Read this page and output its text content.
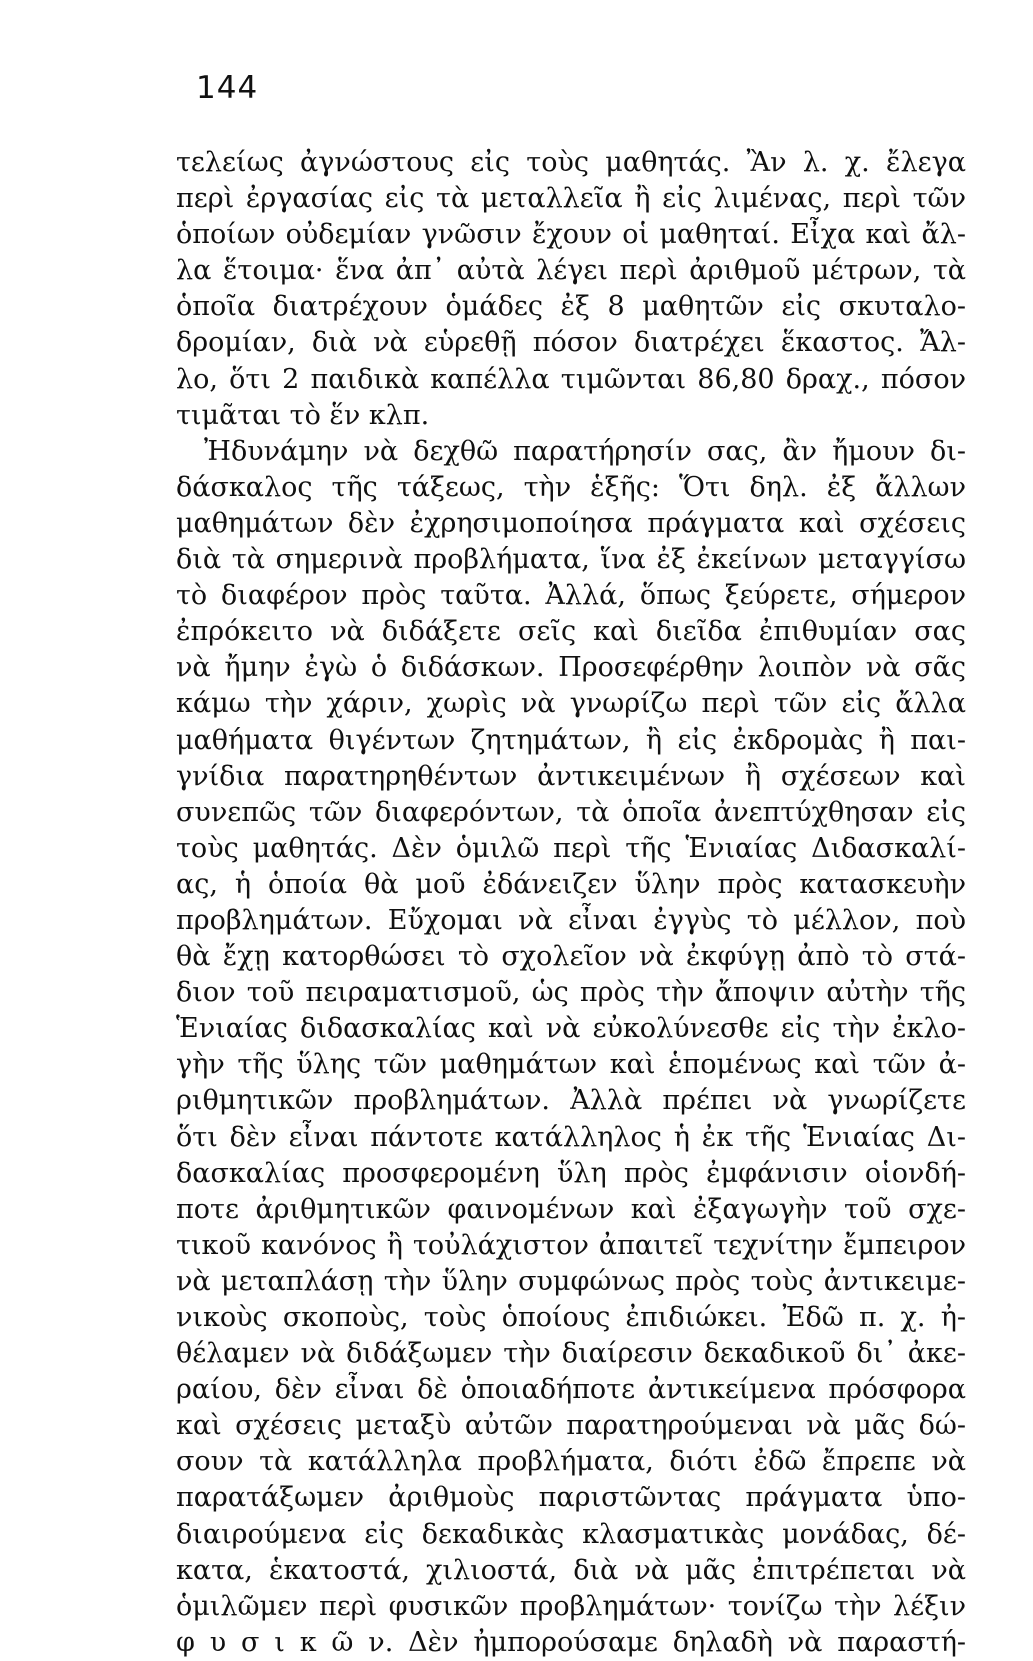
144
τελείως ἀγνώστους εἰς τοὺς μαθητάς. Ἂν λ. χ. ἔλεγα
περὶ ἐργασίας εἰς τὰ μεταλλεῖα ἢ εἰς λιμένας, περὶ τῶν
ὁποίων οὐδεμίαν γνῶσιν ἔχουν οἱ μαθηταί. Εἶχα καὶ ἄλ-
λα ἕτοιμα· ἕνα ἀπ᾽ αὐτὰ λέγει περὶ ἀριθμοῦ μέτρων, τὰ
ὁποῖα διατρέχουν ὁμάδες ἐξ 8 μαθητῶν εἰς σκυταλο-
δρομίαν, διὰ νὰ εὑρεθῇ πόσον διατρέχει ἕκαστος. Ἄλ-
λο, ὅτι 2 παιδικὰ καπέλλα τιμῶνται 86,80 δραχ., πόσον
τιμᾶται τὸ ἕν κλπ.
Ἠδυνάμην νὰ δεχθῶ παρατήρησίν σας, ἂν ἤμουν δι-
δάσκαλος τῆς τάξεως, τὴν ἑξῆς: Ὅτι δηλ. ἐξ ἄλλων
μαθημάτων δὲν ἐχρησιμοποίησα πράγματα καὶ σχέσεις
διὰ τὰ σημερινὰ προβλήματα, ἵνα ἐξ ἐκείνων μεταγγίσω
τὸ διαφέρον πρὸς ταῦτα. Ἀλλά, ὅπως ξεύρετε, σήμερον
ἐπρόκειτο νὰ διδάξετε σεῖς καὶ διεῖδα ἐπιθυμίαν σας
νὰ ἤμην ἐγὼ ὁ διδάσκων. Προσεφέρθην λοιπὸν νὰ σᾶς
κάμω τὴν χάριν, χωρὶς νὰ γνωρίζω περὶ τῶν εἰς ἄλλα
μαθήματα θιγέντων ζητημάτων, ἢ εἰς ἐκδρομὰς ἢ παι-
γνίδια παρατηρηθέντων ἀντικειμένων ἢ σχέσεων καὶ
συνεπῶς τῶν διαφερόντων, τὰ ὁποῖα ἀνεπτύχθησαν εἰς
τοὺς μαθητάς. Δὲν ὁμιλῶ περὶ τῆς Ἑνιαίας Διδασκαλί-
ας, ἡ ὁποία θὰ μοῦ ἐδάνειζεν ὕλην πρὸς κατασκευὴν
προβλημάτων. Εὔχομαι νὰ εἶναι ἐγγὺς τὸ μέλλον, ποὺ
θὰ ἔχῃ κατορθώσει τὸ σχολεῖον νὰ ἐκφύγῃ ἀπὸ τὸ στά-
διον τοῦ πειραματισμοῦ, ὡς πρὸς τὴν ἄποψιν αὐτὴν τῆς
Ἑνιαίας διδασκαλίας καὶ νὰ εὐκολύνεσθε εἰς τὴν ἐκλο-
γὴν τῆς ὕλης τῶν μαθημάτων καὶ ἑπομένως καὶ τῶν ἀ-
ριθμητικῶν προβλημάτων. Ἀλλὰ πρέπει νὰ γνωρίζετε
ὅτι δὲν εἶναι πάντοτε κατάλληλος ἡ ἐκ τῆς Ἑνιαίας Δι-
δασκαλίας προσφερομένη ὕλη πρὸς ἐμφάνισιν οἱονδή-
ποτε ἀριθμητικῶν φαινομένων καὶ ἐξαγωγὴν τοῦ σχε-
τικοῦ κανόνος ἢ τοὐλάχιστον ἀπαιτεῖ τεχνίτην ἔμπειρον
νὰ μεταπλάσῃ τὴν ὕλην συμφώνως πρὸς τοὺς ἀντικειμε-
νικοὺς σκοποὺς, τοὺς ὁποίους ἐπιδιώκει. Ἐδῶ π. χ. ἠ-
θέλαμεν νὰ διδάξωμεν τὴν διαίρεσιν δεκαδικοῦ δι᾽ ἀκε-
ραίου, δὲν εἶναι δὲ ὁποιαδήποτε ἀντικείμενα πρόσφορα
καὶ σχέσεις μεταξὺ αὐτῶν παρατηρούμεναι νὰ μᾶς δώ-
σουν τὰ κατάλληλα προβλήματα, διότι ἐδῶ ἔπρεπε νὰ
παρατάξωμεν ἀριθμοὺς παριστῶντας πράγματα ὑπο-
διαιρούμενα εἰς δεκαδικὰς κλασματικὰς μονάδας, δέ-
κατα, ἑκατοστά, χιλιοστά, διὰ νὰ μᾶς ἐπιτρέπεται νὰ
ὁμιλῶμεν περὶ φυσικῶν προβλημάτων· τονίζω τὴν λέξιν
φ υ σ ι κ ῶ ν. Δὲν ἠμπορούσαμε δηλαδὴ νὰ παραστή-
